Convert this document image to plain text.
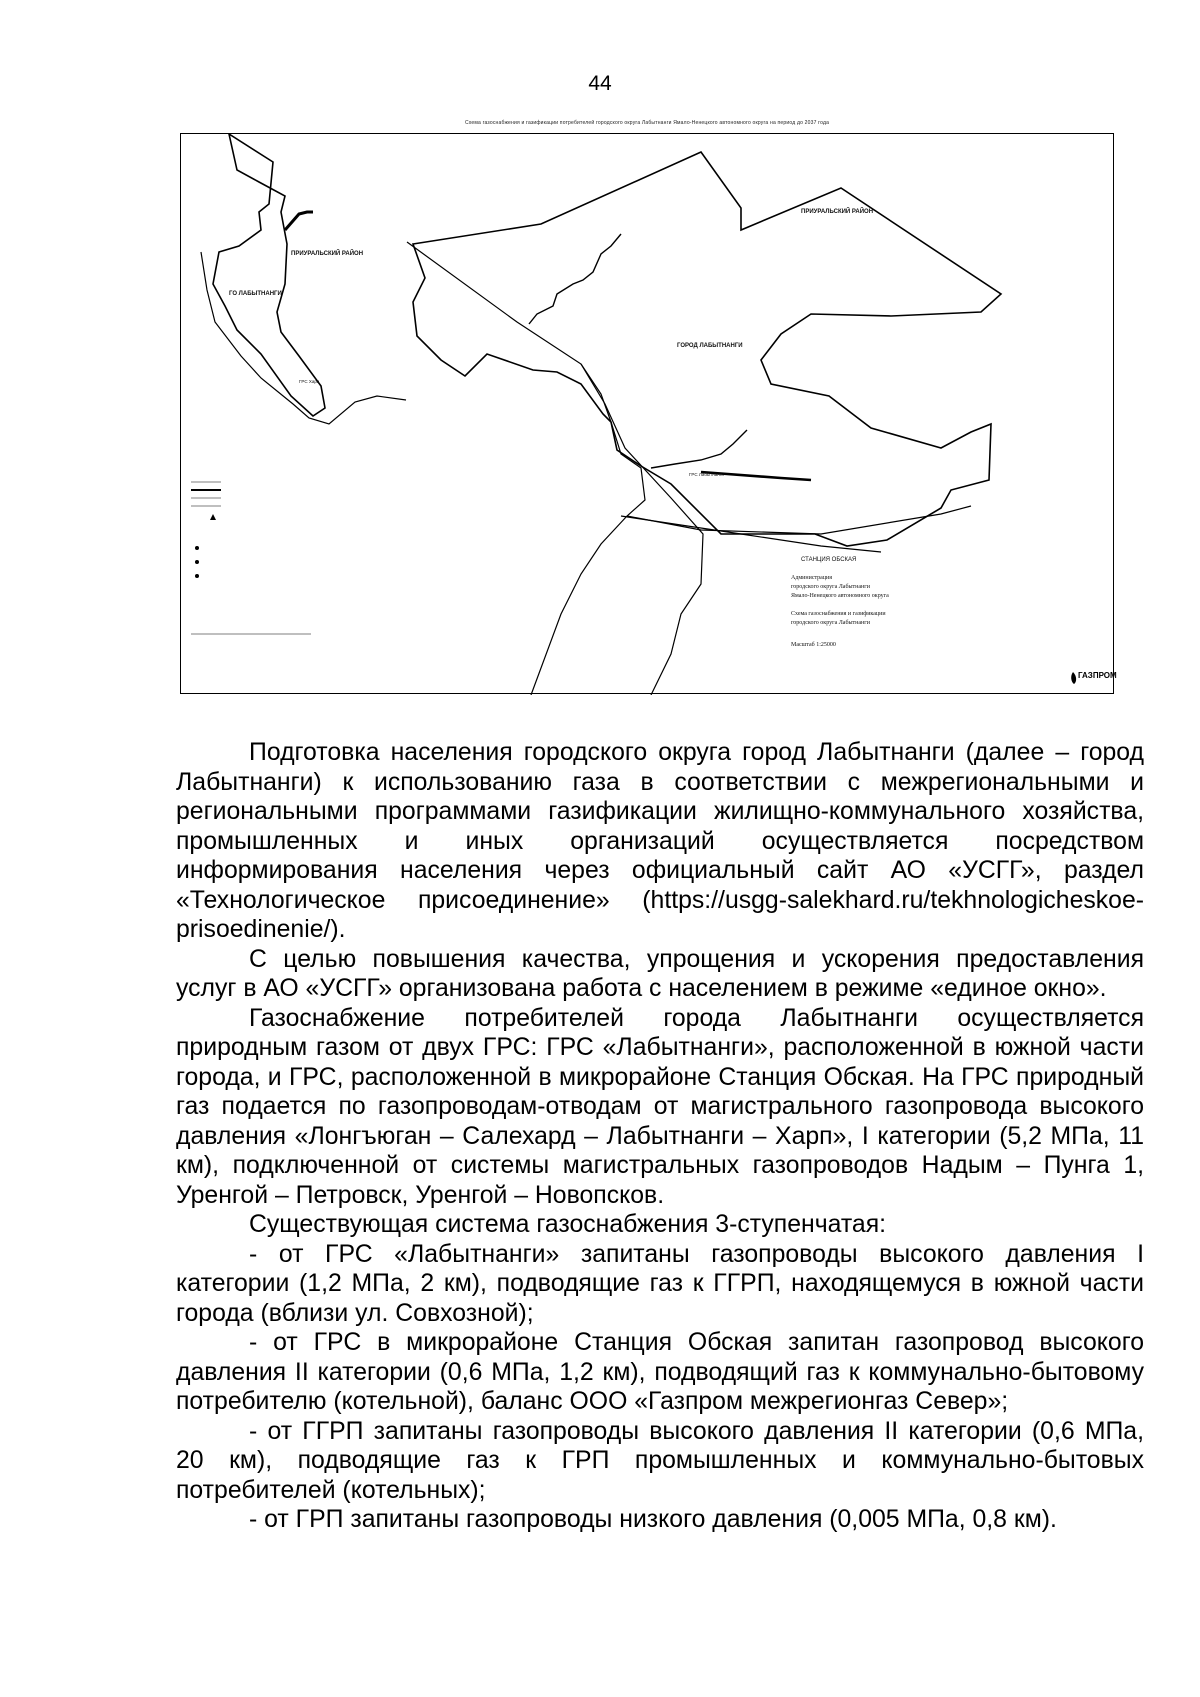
44
Схема газоснабжения и газификации потребителей городского округа Лабытнанги Ямало-Ненецкого автономного округа на период до 2037 года
ПРИУРАЛЬСКИЙ РАЙОН
ГО ЛАБЫТНАНГИ
ПРИУРАЛЬСКИЙ РАЙОН
ГОРОД ЛАБЫТНАНГИ
СТАНЦИЯ ОБСКАЯ
ГРС Харп
ГРС Лабытнанги
Администрация
городского округа Лабытнанги
Ямало-Ненецкого автономного округа
Схема газоснабжения и газификации
городского округа Лабытнанги
Масштаб 1:25000
ГАЗПРОМ

Подготовка населения городского округа город Лабытнанги (далее – город Лабытнанги) к использованию газа в соответствии с межрегиональными и региональными программами газификации жилищно-коммунального хозяйства, промышленных и иных организаций осуществляется посредством информирования населения через официальный сайт АО «УСГГ», раздел «Технологическое присоединение» (https://usgg-salekhard.ru/tekhnologicheskoe-prisoedinenie/).

С целью повышения качества, упрощения и ускорения предоставления услуг в АО «УСГГ» организована работа с населением в режиме «единое окно».

Газоснабжение потребителей города Лабытнанги осуществляется природным газом от двух ГРС: ГРС «Лабытнанги», расположенной в южной части города, и ГРС, расположенной в микрорайоне Станция Обская. На ГРС природный газ подается по газопроводам-отводам от магистрального газопровода высокого давления «Лонгъюган – Салехард – Лабытнанги – Харп», I категории (5,2 МПа, 11 км), подключенной от системы магистральных газопроводов Надым – Пунга 1, Уренгой – Петровск, Уренгой – Новопсков.

Существующая система газоснабжения 3-ступенчатая:

- от ГРС «Лабытнанги» запитаны газопроводы высокого давления I категории (1,2 МПа, 2 км), подводящие газ к ГГРП, находящемуся в южной части города (вблизи ул. Совхозной);

- от ГРС в микрорайоне Станция Обская запитан газопровод высокого давления II категории (0,6 МПа, 1,2 км), подводящий газ к коммунально-бытовому потребителю (котельной), баланс ООО «Газпром межрегионгаз Север»;

- от ГГРП запитаны газопроводы высокого давления II категории (0,6 МПа, 20 км), подводящие газ к ГРП промышленных и коммунально-бытовых потребителей (котельных);

- от ГРП запитаны газопроводы низкого давления (0,005 МПа, 0,8 км).
